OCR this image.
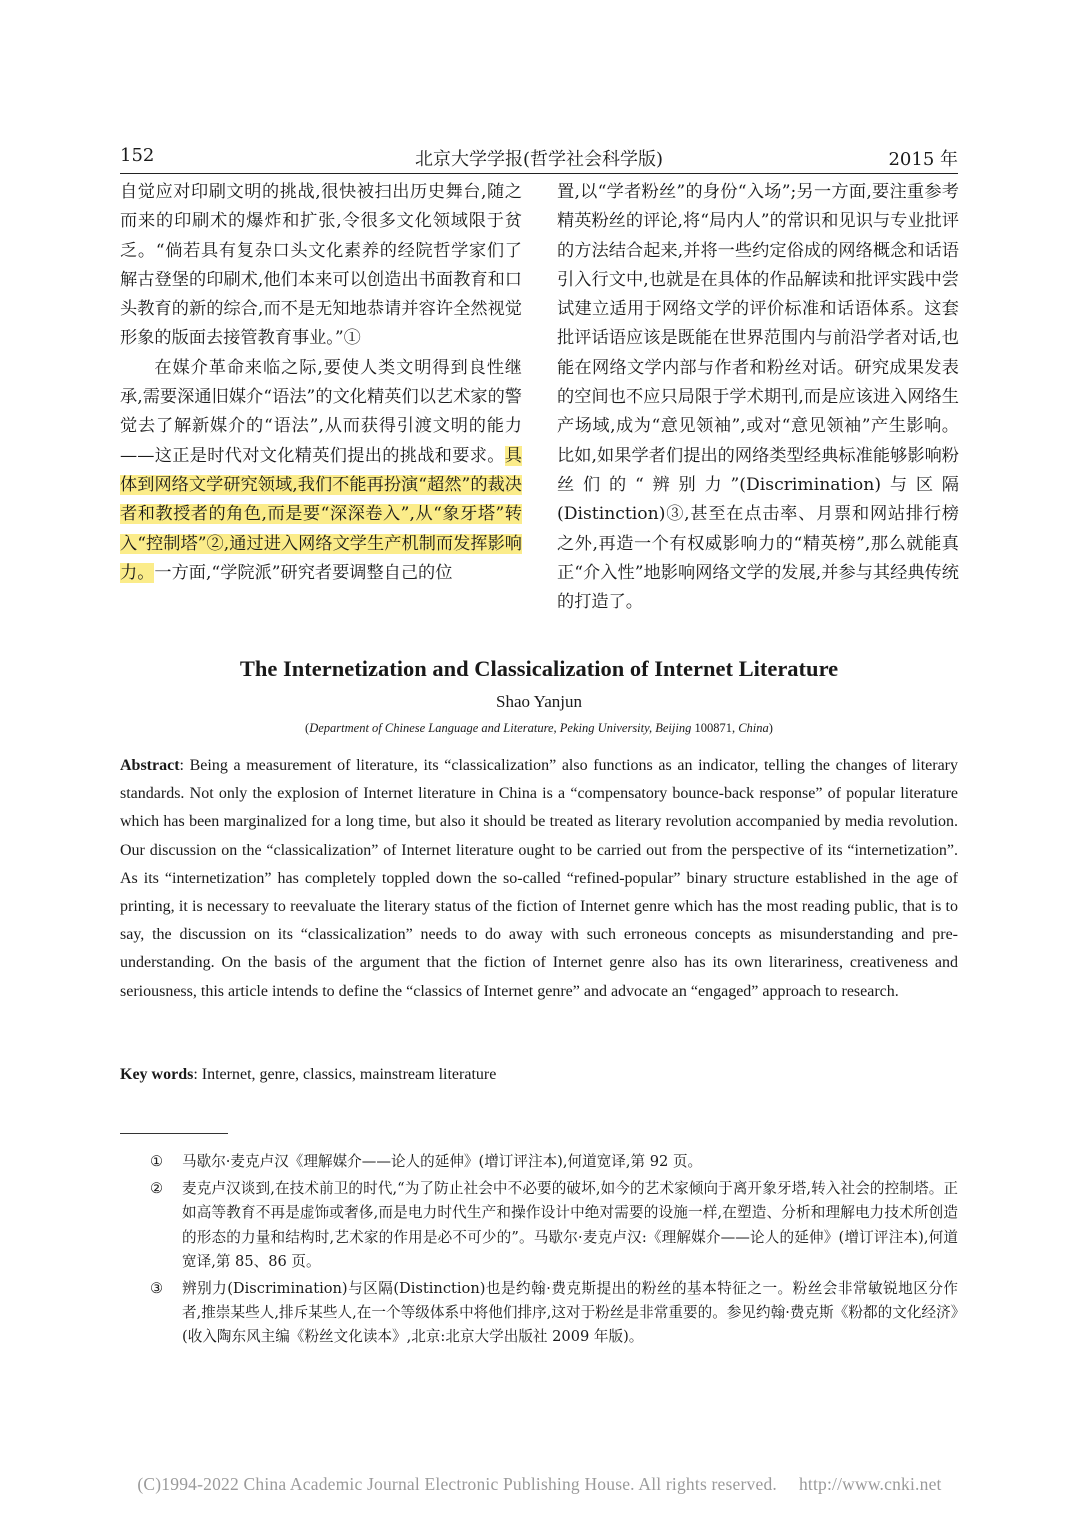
152	北京大学学报(哲学社会科学版)	2015 年

自觉应对印刷文明的挑战,很快被扫出历史舞台,随之而来的印刷术的爆炸和扩张,令很多文化领域限于贫乏。“倘若具有复杂口头文化素养的经院哲学家们了解古登堡的印刷术,他们本来可以创造出书面教育和口头教育的新的综合,而不是无知地恭请并容许全然视觉形象的版面去接管教育事业。”①

在媒介革命来临之际,要使人类文明得到良性继承,需要深通旧媒介“语法”的文化精英们以艺术家的警觉去了解新媒介的“语法”,从而获得引渡文明的能力——这正是时代对文化精英们提出的挑战和要求。具体到网络文学研究领域,我们不能再扮演“超然”的裁决者和教授者的角色,而是要“深深卷入”,从“象牙塔”转入“控制塔”②,通过进入网络文学生产机制而发挥影响力。一方面,“学院派”研究者要调整自己的位

置,以“学者粉丝”的身份“入场”;另一方面,要注重参考精英粉丝的评论,将“局内人”的常识和见识与专业批评的方法结合起来,并将一些约定俗成的网络概念和话语引入行文中,也就是在具体的作品解读和批评实践中尝试建立适用于网络文学的评价标准和话语体系。这套批评话语应该是既能在世界范围内与前沿学者对话,也能在网络文学内部与作者和粉丝对话。研究成果发表的空间也不应只局限于学术期刊,而是应该进入网络生产场域,成为“意见领袖”,或对“意见领袖”产生影响。比如,如果学者们提出的网络类型经典标准能够影响粉丝们的“辨别力”(Discrimination)与区隔(Distinction)③,甚至在点击率、月票和网站排行榜之外,再造一个有权威影响力的“精英榜”,那么就能真正“介入性”地影响网络文学的发展,并参与其经典传统的打造了。

The Internetization and Classicalization of Internet Literature
Shao Yanjun
(Department of Chinese Language and Literature, Peking University, Beijing 100871, China)
Abstract: Being a measurement of literature, its “classicalization” also functions as an indicator, telling the changes of literary standards. Not only the explosion of Internet literature in China is a “compensatory bounce-back response” of popular literature which has been marginalized for a long time, but also it should be treated as literary revolution accompanied by media revolution. Our discussion on the “classicalization” of Internet literature ought to be carried out from the perspective of its “internetization”. As its “internetization” has completely toppled down the so-called “refined-popular” binary structure established in the age of printing, it is necessary to reevaluate the literary status of the fiction of Internet genre which has the most reading public, that is to say, the discussion on its “classicalization” needs to do away with such erroneous concepts as misunderstanding and pre-understanding. On the basis of the argument that the fiction of Internet genre also has its own literariness, creativeness and seriousness, this article intends to define the “classics of Internet genre” and advocate an “engaged” approach to research.
Key words: Internet, genre, classics, mainstream literature
① 马歇尔·麦克卢汉《理解媒介——论人的延伸》(增订评注本),何道宽译,第 92 页。
② 麦克卢汉谈到,在技术前卫的时代,“为了防止社会中不必要的破坏,如今的艺术家倾向于离开象牙塔,转入社会的控制塔。正如高等教育不再是虚饰或奢侈,而是电力时代生产和操作设计中绝对需要的设施一样,在塑造、分析和理解电力技术所创造的形态的力量和结构时,艺术家的作用是必不可少的”。马歇尔·麦克卢汉:《理解媒介——论人的延伸》(增订评注本),何道宽译,第 85、86 页。
③ 辨别力(Discrimination)与区隔(Distinction)也是约翰·费克斯提出的粉丝的基本特征之一。粉丝会非常敏锐地区分作者,推崇某些人,排斥某些人,在一个等级体系中将他们排序,这对于粉丝是非常重要的。参见约翰·费克斯《粉都的文化经济》(收入陶东风主编《粉丝文化读本》,北京:北京大学出版社 2009 年版)。
(C)1994-2022 China Academic Journal Electronic Publishing House. All rights reserved. http://www.cnki.net
